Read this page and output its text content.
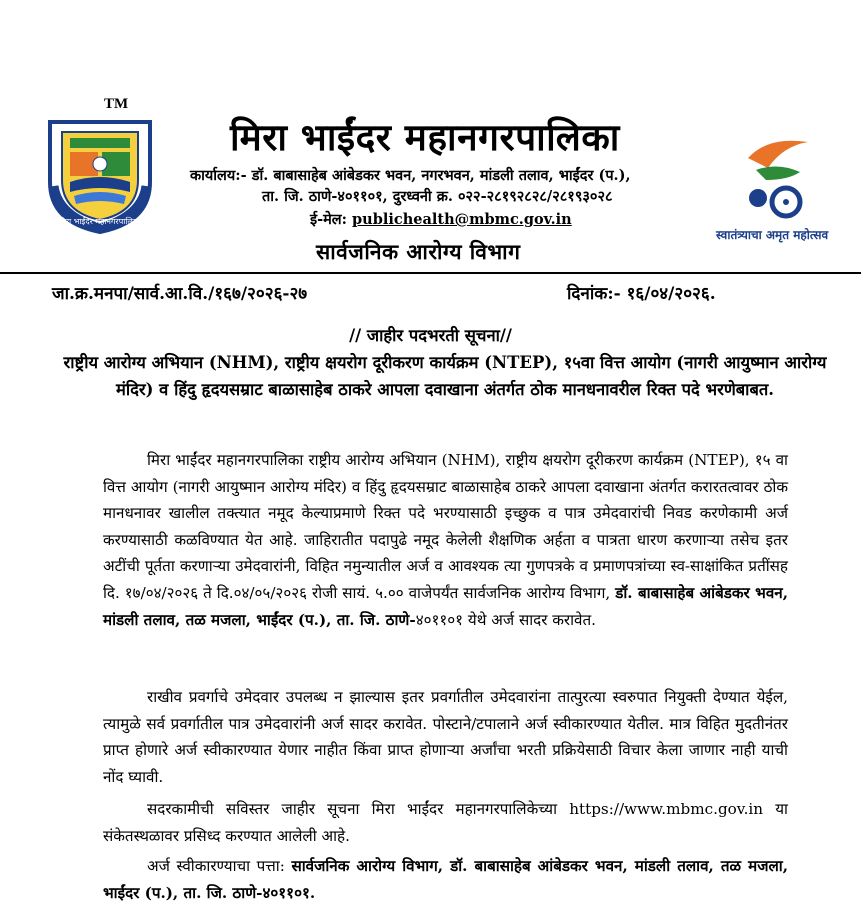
TM
मिरा भाईंदर महानगरपालिका
मिरा भाईंदर महानगरपालिका
कार्यालय:- डॉ. बाबासाहेब आंबेडकर भवन, नगरभवन, मांडली तलाव, भाईंदर (प.),
ता. जि. ठाणे-४०११०१, दुरध्वनी क्र. ०२२-२८१९२८२८/२८१९३०२८
ई-मेल: publichealth@mbmc.gov.in
सार्वजनिक आरोग्य विभाग
स्वातंत्र्याचा अमृत महोत्सव
जा.क्र.मनपा/सार्व.आ.वि./१६७/२०२६-२७	दिनांक:- १६/०४/२०२६.
// जाहीर पदभरती सूचना//
राष्ट्रीय आरोग्य अभियान (NHM), राष्ट्रीय क्षयरोग दूरीकरण कार्यक्रम (NTEP), १५वा वित्त आयोग (नागरी आयुष्मान आरोग्य मंदिर) व हिंदु हृदयसम्राट बाळासाहेब ठाकरे आपला दवाखाना अंतर्गत ठोक मानधनावरील रिक्त पदे भरणेबाबत.
मिरा भाईंदर महानगरपालिका राष्ट्रीय आरोग्य अभियान (NHM), राष्ट्रीय क्षयरोग दूरीकरण कार्यक्रम (NTEP), १५ वा वित्त आयोग (नागरी आयुष्मान आरोग्य मंदिर) व हिंदु हृदयसम्राट बाळासाहेब ठाकरे आपला दवाखाना अंतर्गत करारतत्वावर ठोक मानधनावर खालील तक्त्यात नमूद केल्याप्रमाणे रिक्त पदे भरण्यासाठी इच्छुक व पात्र उमेदवारांची निवड करणेकामी अर्ज करण्यासाठी कळविण्यात येत आहे. जाहिरातीत पदापुढे नमूद केलेली शैक्षणिक अर्हता व पात्रता धारण करणाऱ्या तसेच इतर अटींची पूर्तता करणाऱ्या उमेदवारांनी, विहित नमुन्यातील अर्ज व आवश्यक त्या गुणपत्रके व प्रमाणपत्रांच्या स्व-साक्षांकित प्रतींसह दि. १७/०४/२०२६ ते दि.०४/०५/२०२६ रोजी सायं. ५.०० वाजेपर्यंत सार्वजनिक आरोग्य विभाग, डॉ. बाबासाहेब आंबेडकर भवन, मांडली तलाव, तळ मजला, भाईंदर (प.), ता. जि. ठाणे-४०११०१ येथे अर्ज सादर करावेत.
राखीव प्रवर्गाचे उमेदवार उपलब्ध न झाल्यास इतर प्रवर्गातील उमेदवारांना तात्पुरत्या स्वरुपात नियुक्ती देण्यात येईल, त्यामुळे सर्व प्रवर्गातील पात्र उमेदवारांनी अर्ज सादर करावेत. पोस्टाने/टपालाने अर्ज स्वीकारण्यात येतील. मात्र विहित मुदतीनंतर प्राप्त होणारे अर्ज स्वीकारण्यात येणार नाहीत किंवा प्राप्त होणाऱ्या अर्जांचा भरती प्रक्रियेसाठी विचार केला जाणार नाही याची नोंद घ्यावी.
सदरकामीची सविस्तर जाहीर सूचना मिरा भाईंदर महानगरपालिकेच्या https://www.mbmc.gov.in या संकेतस्थळावर प्रसिध्द करण्यात आलेली आहे.
अर्ज स्वीकारण्याचा पत्ता: सार्वजनिक आरोग्य विभाग, डॉ. बाबासाहेब आंबेडकर भवन, मांडली तलाव, तळ मजला, भाईंदर (प.), ता. जि. ठाणे-४०११०१.
